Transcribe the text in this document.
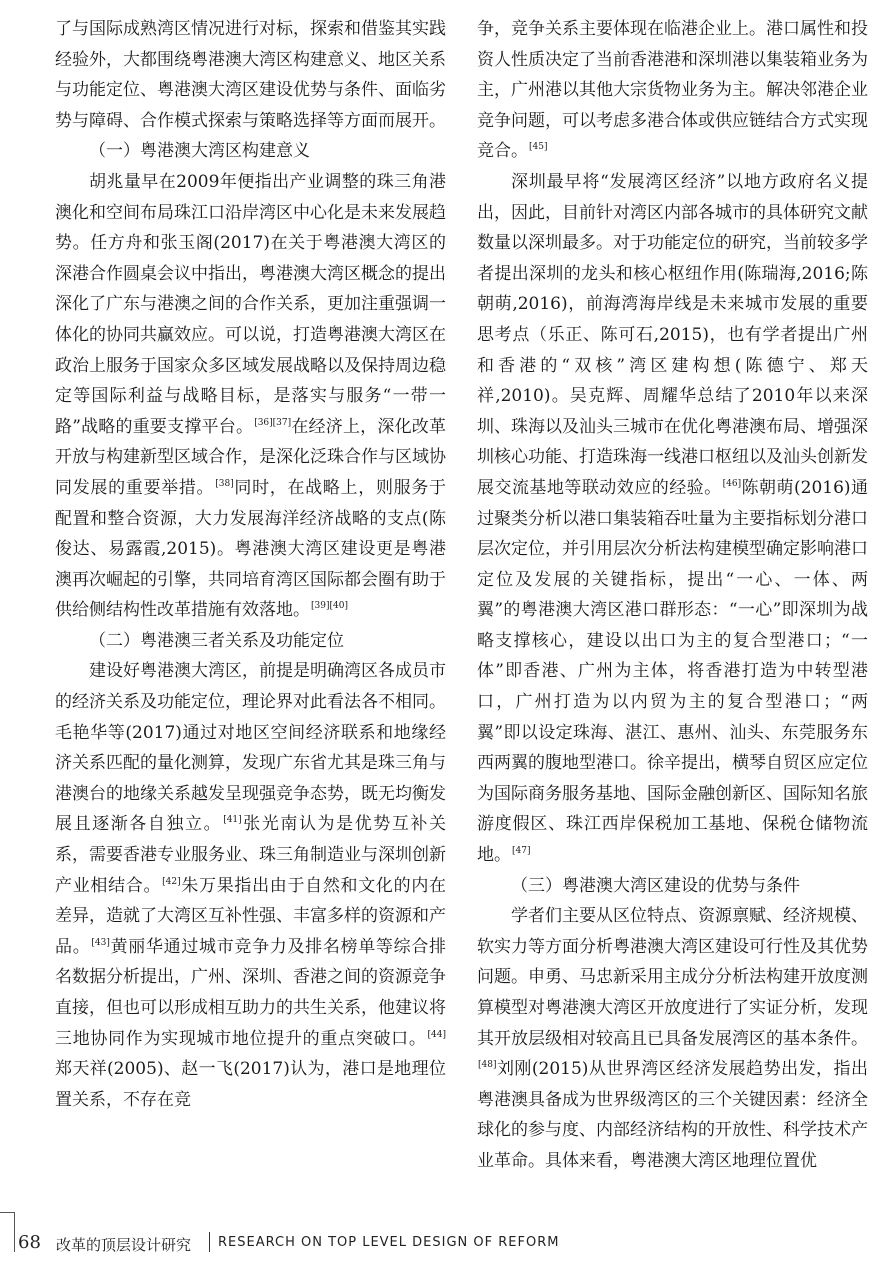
了与国际成熟湾区情况进行对标，探索和借鉴其实践经验外，大都围绕粤港澳大湾区构建意义、地区关系与功能定位、粤港澳大湾区建设优势与条件、面临劣势与障碍、合作模式探索与策略选择等方面而展开。

（一）粤港澳大湾区构建意义

胡兆量早在2009年便指出产业调整的珠三角港澳化和空间布局珠江口沿岸湾区中心化是未来发展趋势。任方舟和张玉阁(2017)在关于粤港澳大湾区的深港合作圆桌会议中指出，粤港澳大湾区概念的提出深化了广东与港澳之间的合作关系，更加注重强调一体化的协同共赢效应。可以说，打造粤港澳大湾区在政治上服务于国家众多区域发展战略以及保持周边稳定等国际利益与战略目标，是落实与服务“一带一路”战略的重要支撑平台。[36][37]在经济上，深化改革开放与构建新型区域合作，是深化泛珠合作与区域协同发展的重要举措。[38]同时，在战略上，则服务于配置和整合资源，大力发展海洋经济战略的支点(陈俊达、易露霞,2015)。粤港澳大湾区建设更是粤港澳再次崛起的引擎，共同培育湾区国际都会圈有助于供给侧结构性改革措施有效落地。[39][40]

（二）粤港澳三者关系及功能定位

建设好粤港澳大湾区，前提是明确湾区各成员市的经济关系及功能定位，理论界对此看法各不相同。毛艳华等(2017)通过对地区空间经济联系和地缘经济关系匹配的量化测算，发现广东省尤其是珠三角与港澳台的地缘关系越发呈现强竞争态势，既无均衡发展且逐渐各自独立。[41]张光南认为是优势互补关系，需要香港专业服务业、珠三角制造业与深圳创新产业相结合。[42]朱万果指出由于自然和文化的内在差异，造就了大湾区互补性强、丰富多样的资源和产品。[43]黄丽华通过城市竞争力及排名榜单等综合排名数据分析提出，广州、深圳、香港之间的资源竞争直接，但也可以形成相互助力的共生关系，他建议将三地协同作为实现城市地位提升的重点突破口。[44]郑天祥(2005)、赵一飞(2017)认为，港口是地理位置关系，不存在竞

争，竞争关系主要体现在临港企业上。港口属性和投资人性质决定了当前香港港和深圳港以集装箱业务为主，广州港以其他大宗货物业务为主。解决邻港企业竞争问题，可以考虑多港合体或供应链结合方式实现竞合。[45]

深圳最早将“发展湾区经济”以地方政府名义提出，因此，目前针对湾区内部各城市的具体研究文献数量以深圳最多。对于功能定位的研究，当前较多学者提出深圳的龙头和核心枢纽作用(陈瑞海,2016;陈朝萌,2016)，前海湾海岸线是未来城市发展的重要思考点（乐正、陈可石,2015)，也有学者提出广州和香港的“双核”湾区建构想(陈德宁、郑天祥,2010)。吴克辉、周耀华总结了2010年以来深圳、珠海以及汕头三城市在优化粤港澳布局、增强深圳核心功能、打造珠海一线港口枢纽以及汕头创新发展交流基地等联动效应的经验。[46]陈朝萌(2016)通过聚类分析以港口集装箱吞吐量为主要指标划分港口层次定位，并引用层次分析法构建模型确定影响港口定位及发展的关键指标，提出“一心、一体、两翼”的粤港澳大湾区港口群形态：“一心”即深圳为战略支撑核心，建设以出口为主的复合型港口；“一体”即香港、广州为主体，将香港打造为中转型港口，广州打造为以内贸为主的复合型港口；“两翼”即以设定珠海、湛江、惠州、汕头、东莞服务东西两翼的腹地型港口。徐辛提出，横琴自贸区应定位为国际商务服务基地、国际金融创新区、国际知名旅游度假区、珠江西岸保税加工基地、保税仓储物流地。[47]

（三）粤港澳大湾区建设的优势与条件

学者们主要从区位特点、资源禀赋、经济规模、软实力等方面分析粤港澳大湾区建设可行性及其优势问题。申勇、马忠新采用主成分分析法构建开放度测算模型对粤港澳大湾区开放度进行了实证分析，发现其开放层级相对较高且已具备发展湾区的基本条件。[48]刘刚(2015)从世界湾区经济发展趋势出发，指出粤港澳具备成为世界级湾区的三个关键因素：经济全球化的参与度、内部经济结构的开放性、科学技术产业革命。具体来看，粤港澳大湾区地理位置优

68 改革的顶层设计研究 RESEARCH ON TOP LEVEL DESIGN OF REFORM
